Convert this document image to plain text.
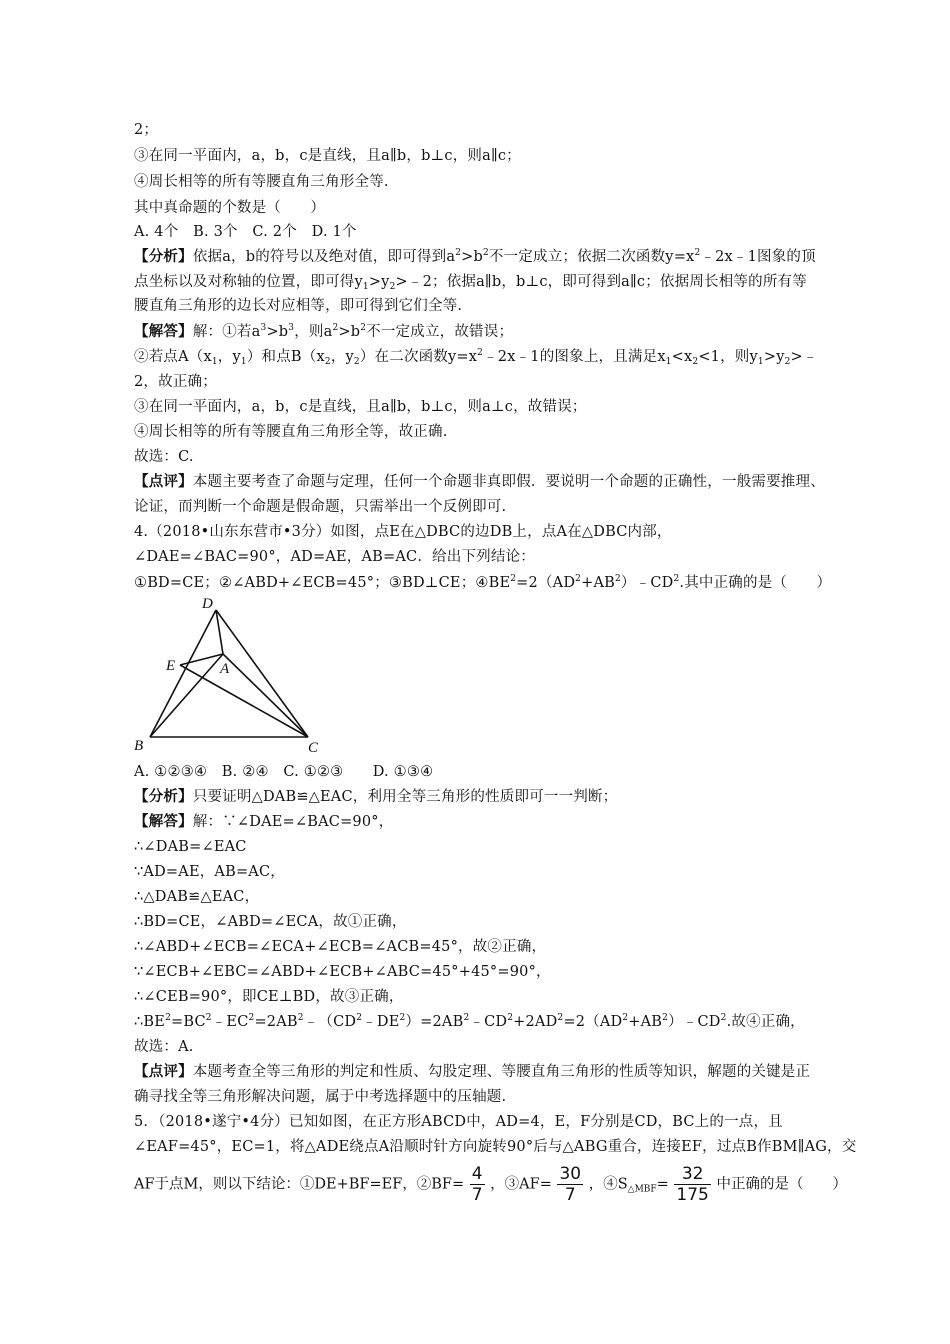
2；
③在同一平面内，a，b，c是直线，且a∥b，b⊥c，则a∥c；
④周长相等的所有等腰直角三角形全等.
其中真命题的个数是（　　）
A. 4个　B. 3个　C. 2个　D. 1个
【分析】依据a，b的符号以及绝对值，即可得到$a^2>b^2$不一定成立；依据二次函数$y=x^2﹣2x﹣1$图象的顶
点坐标以及对称轴的位置，即可得$y_1>y_2>﹣2$；依据a∥b，b⊥c，即可得到a∥c；依据周长相等的所有等
腰直角三角形的边长对应相等，即可得到它们全等.
【解答】解：①若$a^3>b^3$，则$a^2>b^2$不一定成立，故错误；
②若点$A(x_1$，$y_1$）和点$B(x_2$，$y_2$）在二次函数$y=x^2﹣2x﹣1$的图象上，且满足$x_1<x_2<1$，则$y_1>y_2>﹣$
2，故正确；
③在同一平面内，a，b，c是直线，且a∥b，b⊥c，则a⊥c，故错误；
④周长相等的所有等腰直角三角形全等，故正确.
故选：C.
【点评】本题主要考查了命题与定理，任何一个命题非真即假．要说明一个命题的正确性，一般需要推理、
论证，而判断一个命题是假命题，只需举出一个反例即可.
4.（2018•山东东营市•3分）如图，点E在△DBC的边DB上，点A在△DBC内部，
∠DAE=∠BAC=90°，AD=AE，AB=AC．给出下列结论：
①BD=CE；②∠ABD+∠ECB=45°；③BD⊥CE；$④BE^2=2(AD^2+AB^2)﹣CD^2$.其中正确的是（　　）
D
E	A
B	C
A. ①②③④　B. ②④　C. ①②③　　D. ①③④
【分析】只要证明△DAB≌△EAC，利用全等三角形的性质即可一一判断；
【解答】解：∵∠DAE=∠BAC=90°，
∴∠DAB=∠EAC
∵AD=AE，AB=AC，
∴△DAB≌△EAC，
∴BD=CE，∠ABD=∠ECA，故①正确，
∴∠ABD+∠ECB=∠ECA+∠ECB=∠ACB=45°，故②正确，
∵∠ECB+∠EBC=∠ABD+∠ECB+∠ABC=45°+45°=90°，
∴∠CEB=90°，即CE⊥BD，故③正确，
$\therefore BE^2=BC^2﹣EC^2=2AB^2﹣(CD^2﹣DE^2)=2AB^2﹣CD^2+2AD^2=2(AD^2+AB^2)﹣CD^2$.故④正确，
故选：A.
【点评】本题考查全等三角形的判定和性质、勾股定理、等腰直角三角形的性质等知识，解题的关键是正
确寻找全等三角形解决问题，属于中考选择题中的压轴题.
5．（2018•遂宁•4分）已知如图，在正方形ABCD中，AD=4，E，F分别是CD，BC上的一点，且
∠EAF=45°，EC=1，将△ADE绕点A沿顺时针方向旋转90°后与△ABG重合，连接EF，过点B作BM∥AG，交
AF于点M，则以下结论：①DE+BF=EF，②BF= $\frac{4}{7}$ ，③AF= $\frac{30}{7}$ ，$④S_{\triangle MBF}= \frac{32}{175}$ 中正确的是（　　）
